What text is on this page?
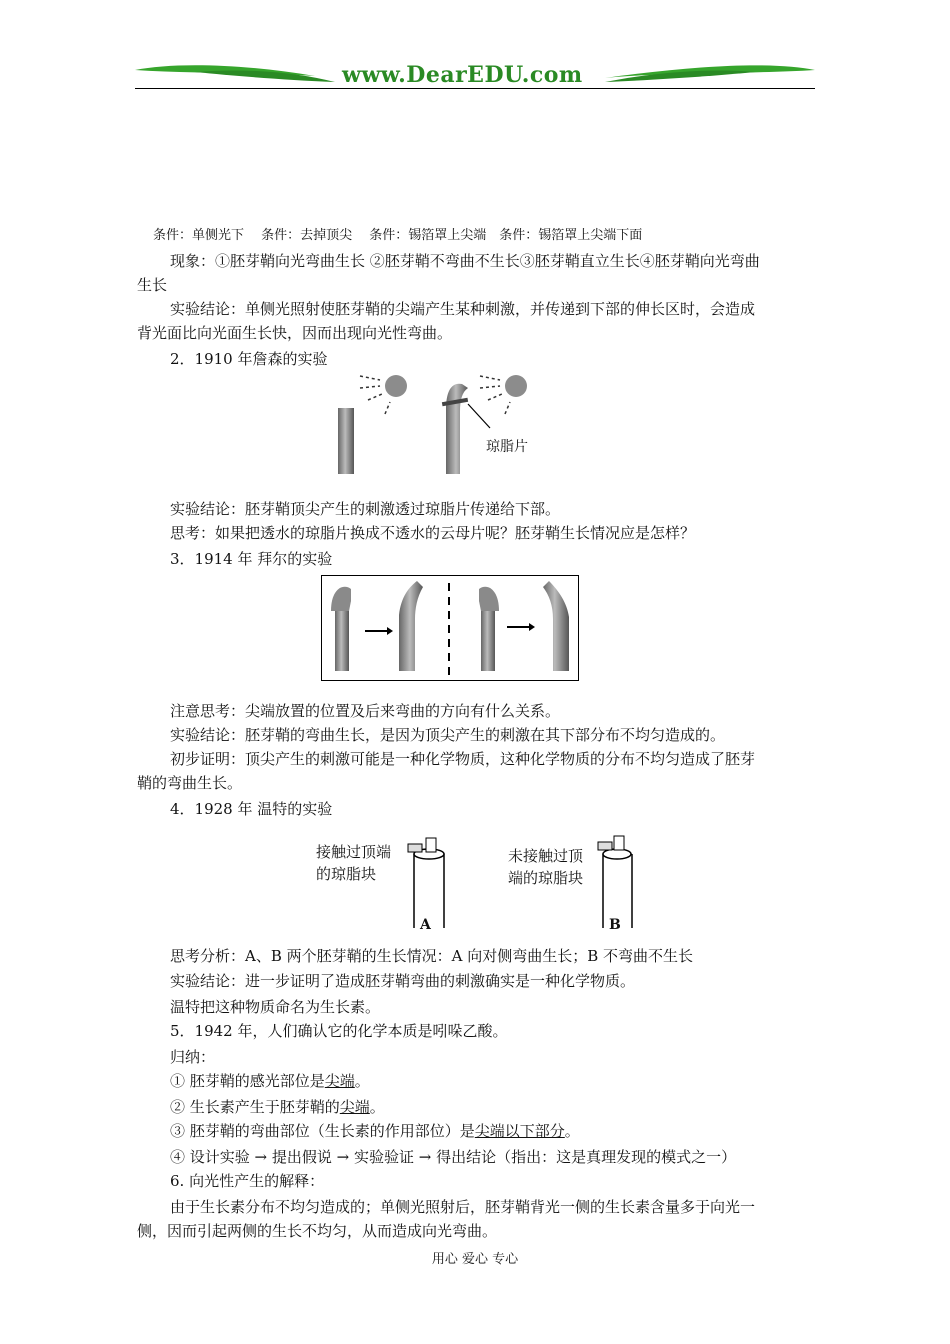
www.DearEDU.com
条件：单侧光下　 条件：去掉顶尖　 条件：锡箔罩上尖端　条件：锡箔罩上尖端下面
现象：①胚芽鞘向光弯曲生长 ②胚芽鞘不弯曲不生长③胚芽鞘直立生长④胚芽鞘向光弯曲
生长
实验结论：单侧光照射使胚芽鞘的尖端产生某种刺激，并传递到下部的伸长区时，会造成
背光面比向光面生长快，因而出现向光性弯曲。
2．1910 年詹森的实验
琼脂片
实验结论：胚芽鞘顶尖产生的刺激透过琼脂片传递给下部。
思考：如果把透水的琼脂片换成不透水的云母片呢？胚芽鞘生长情况应是怎样？
3．1914 年 拜尔的实验
注意思考：尖端放置的位置及后来弯曲的方向有什么关系。
实验结论：胚芽鞘的弯曲生长，是因为顶尖产生的刺激在其下部分布不均匀造成的。
初步证明：顶尖产生的刺激可能是一种化学物质，这种化学物质的分布不均匀造成了胚芽
鞘的弯曲生长。
4．1928 年 温特的实验
接触过顶端
的琼脂块
未接触过顶
端的琼脂块
A	B
思考分析：A、B 两个胚芽鞘的生长情况：A 向对侧弯曲生长；B 不弯曲不生长
实验结论：进一步证明了造成胚芽鞘弯曲的刺激确实是一种化学物质。
温特把这种物质命名为生长素。
5．1942 年，人们确认它的化学本质是吲哚乙酸。
归纳：
① 胚芽鞘的感光部位是尖端。
② 生长素产生于胚芽鞘的尖端。
③ 胚芽鞘的弯曲部位（生长素的作用部位）是尖端以下部分。
④ 设计实验 → 提出假说 → 实验验证 → 得出结论（指出：这是真理发现的模式之一）
6. 向光性产生的解释：
由于生长素分布不均匀造成的；单侧光照射后，胚芽鞘背光一侧的生长素含量多于向光一
侧，因而引起两侧的生长不均匀，从而造成向光弯曲。
用心 爱心 专心
